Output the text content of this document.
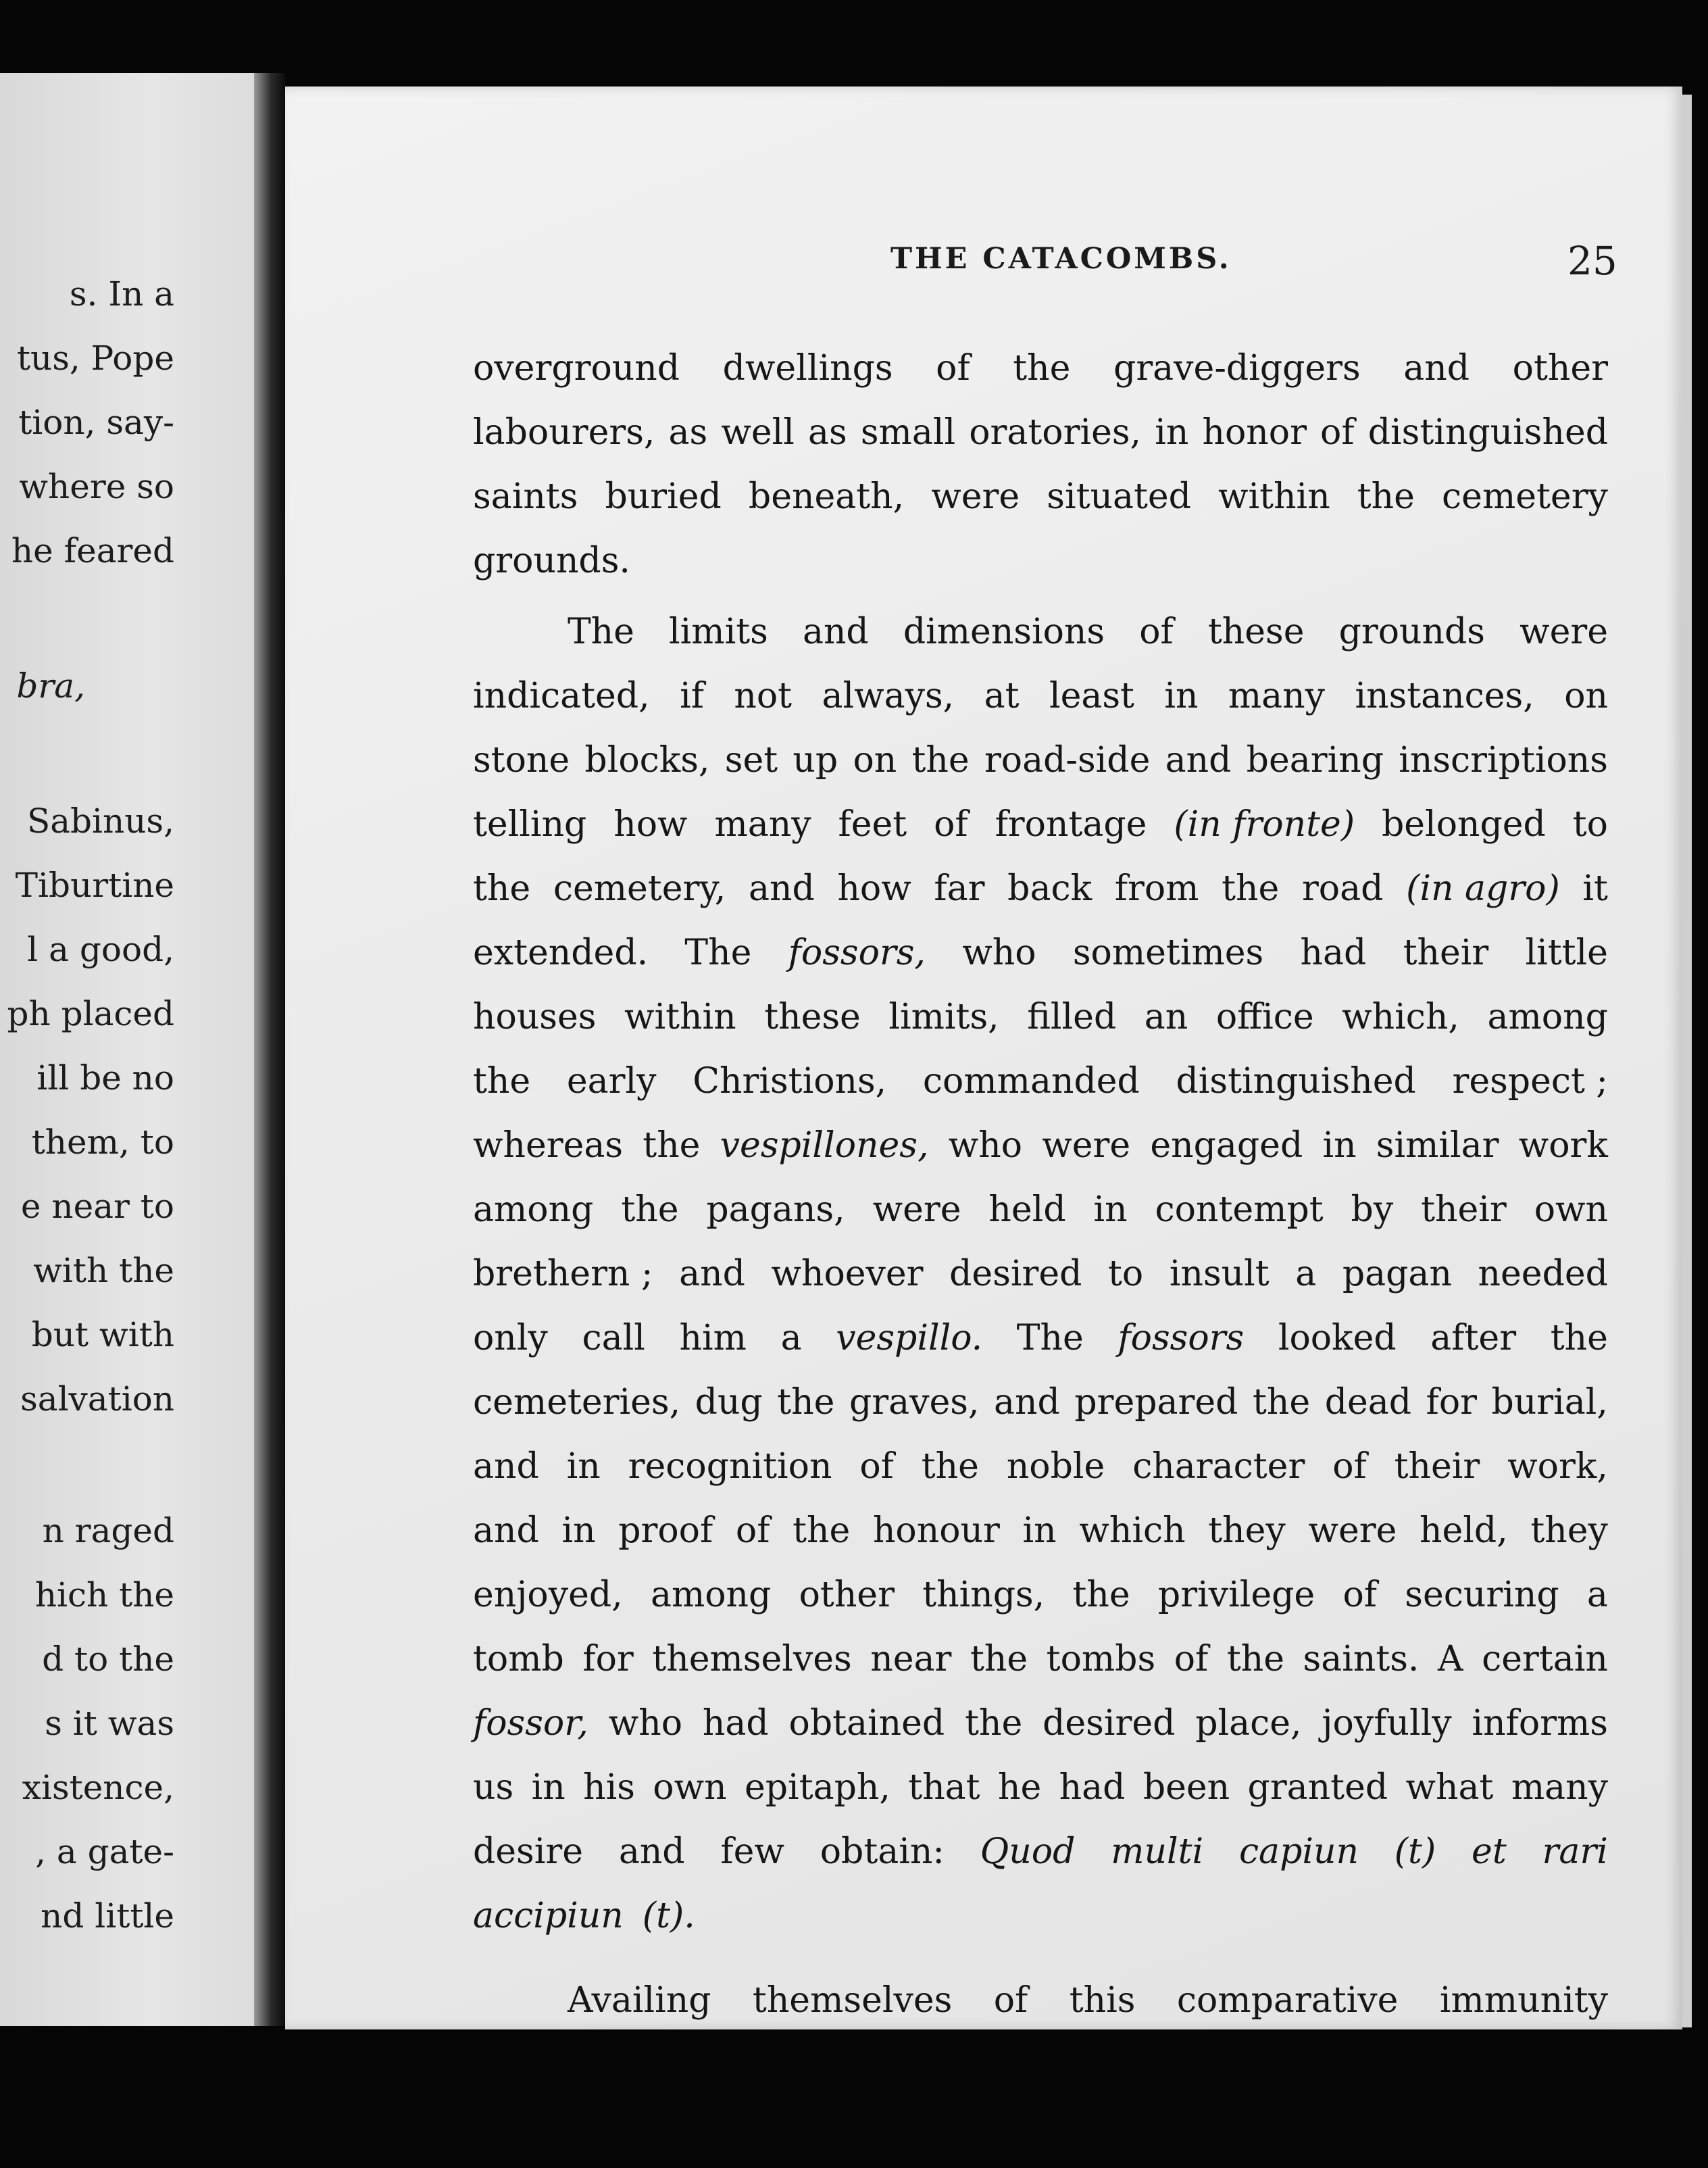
s. In a
tus, Pope
tion, say-
where so
he feared
bra,
Sabinus,
Tiburtine
l a good,
ph placed
ill be no
them, to
e near to
with the
but with
salvation
n raged
hich the
d to the
s it was
xistence,
, a gate-
nd little
THE CATACOMBS.	25
overground dwellings of the grave-diggers and other
labourers, as well as small oratories, in honor of distinguished
saints buried beneath, were situated within the cemetery
grounds.
The limits and dimensions of these grounds were
indicated, if not always, at least in many instances, on
stone blocks, set up on the road-side and bearing inscriptions
telling how many feet of frontage (in fronte) belonged to
the cemetery, and how far back from the road (in agro) it
extended. The fossors, who sometimes had their little
houses within these limits, filled an office which, among
the early Christions, commanded distinguished respect ;
whereas the vespillones, who were engaged in similar work
among the pagans, were held in contempt by their own
brethern ; and whoever desired to insult a pagan needed
only call him a vespillo. The fossors looked after the
cemeteries, dug the graves, and prepared the dead for burial,
and in recognition of the noble character of their work,
and in proof of the honour in which they were held, they
enjoyed, among other things, the privilege of securing a
tomb for themselves near the tombs of the saints. A certain
fossor, who had obtained the desired place, joyfully informs
us in his own epitaph, that he had been granted what many
desire and few obtain: Quod multi capiun (t) et rari
accipiun (t).
Availing themselves of this comparative immunity
